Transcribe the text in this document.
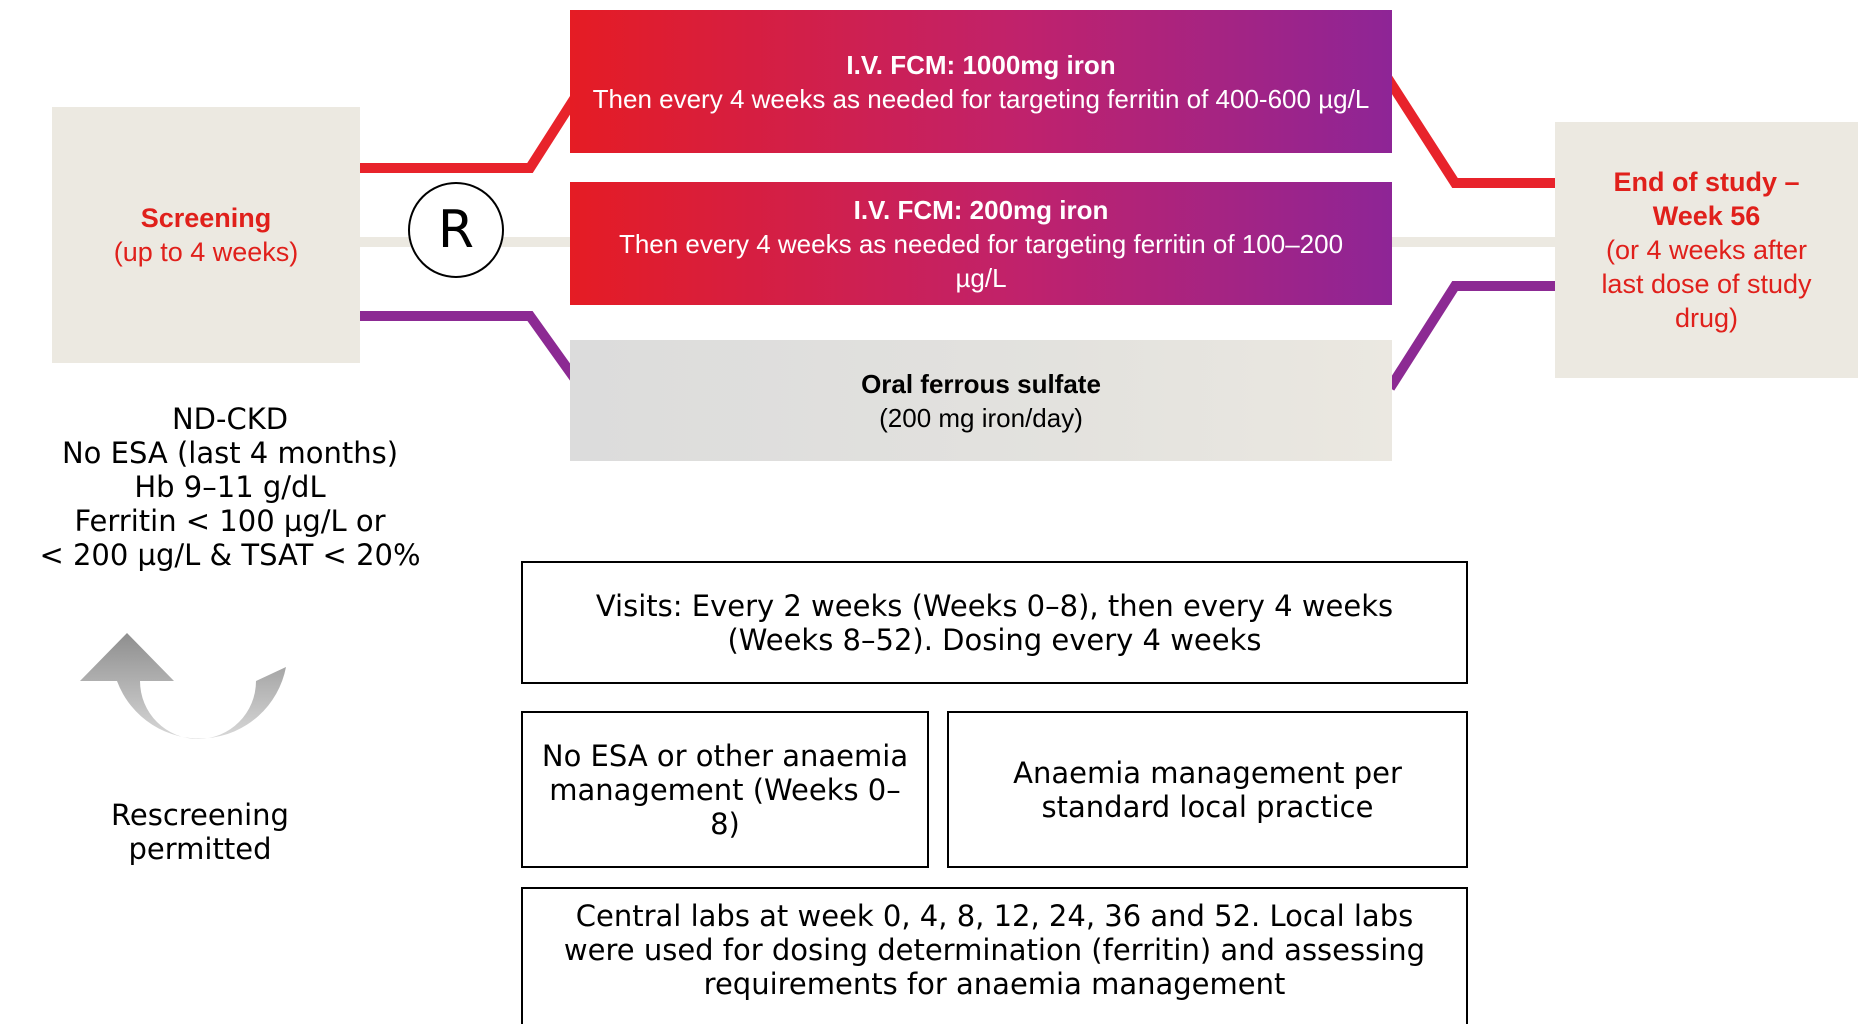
Screening
(up to 4 weeks)	R
I.V. FCM: 1000mg iron
Then every 4 weeks as needed for targeting ferritin of 400-600 µg/L
I.V. FCM: 200mg iron
Then every 4 weeks as needed for targeting ferritin of 100–200 µg/L
Oral ferrous sulfate
(200 mg iron/day)
End of study – Week 56
(or 4 weeks after last dose of study drug)
ND-CKD
No ESA (last 4 months)
Hb 9–11 g/dL
Ferritin < 100 µg/L or
< 200 µg/L & TSAT < 20%
Rescreening permitted
Visits: Every 2 weeks (Weeks 0–8), then every 4 weeks (Weeks 8–52). Dosing every 4 weeks
No ESA or other anaemia management (Weeks 0–8)
Anaemia management per standard local practice
Central labs at week 0, 4, 8, 12, 24, 36 and 52. Local labs were used for dosing determination (ferritin) and assessing requirements for anaemia management
